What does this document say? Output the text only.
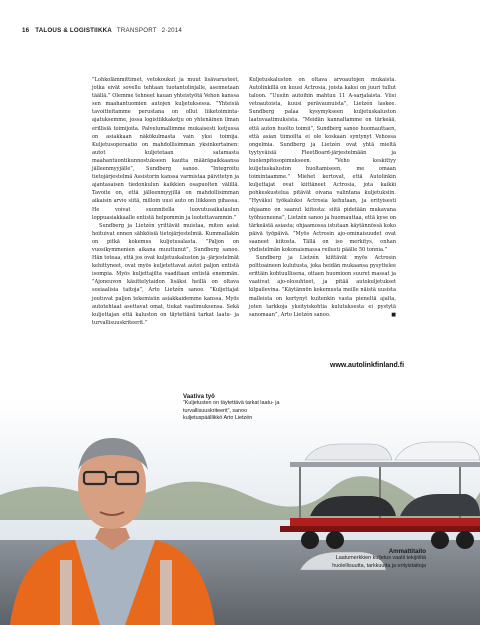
16 TALOUS & LOGISTIIKKA TRANSPORT 2·2014

”Lohkolämmittimet, vetokoukut ja muut lisävarusteet, jotka eivät sovellu tehtaan tuotantolinjalle, asennetaan täällä.” Olemme tehneet kauan yhteistyötä Vehon kanssa sen maahantuomien autojen kuljetuksessa. ”Yhteisiä tavoitteitamme perustana on ollut liiketoiminta-ajatuksemme, jossa logistiikkaketju on yhtenäinen ilman erillisiä toimijoita. Palvelumallimme mukaisesti ketjussa on asiakkaan näkökulmasta vain yksi toimija. Kuljetusoperaatio on mahdollisimman yksinkertainen: autot kuljetetaan satamasta maahantuontikunnostukseen kautta määräpaikkaansa jälleenmyyjälle”, Sundberg sanoo. ”Integroitu tietojärjestelmä Assistorin kanssa varmistaa päivitetyn ja ajantasaisen tiedonkulun kaikkien osapuolten välillä. Tavoite on, että jälleenmyyjillä on mahdollisimman aikaisin arvio siitä, milloin uusi auto on liikkeen pihassa. He voivat suunnitella luovutusaikataulun loppuasiakkaalle entistä helpommin ja luotettavammin.”

Sundberg ja Lietzén yrittävät muistaa, miten asiat hoituivat ennen sähköisiä tietojärjestelmiä. Kummallakin on pitkä kokemus kuljetusalasta. ”Paljon on vuosikymmenien aikana muuttunut”, Sundberg sanoo. Hän toteaa, että jos ovat kuljetuskaluston ja -järjestelmät kehittyneet, ovat myös kuljetettavat autot paljon entistä isompia. Myös kuljettajilta vaaditaan entistä enemmän. ”Ajoneuvon käsittelytaidon lisäksi heillä on oltava sosiaalisia taitoja”, Arto Lietzén sanoo. ”Kuljettajat joutuvat paljon tekemisiin asiakkaidemme kanssa. Myös autotehtaat asettavat omat, tiukat vaatimuksensa. Sekä kuljettajan että kaluston on täytettävä tarkat laatu- ja turvallisuuskriteerit.”

Kuljetuskaluston on oltava arvoautojen mukaista. Autolinkillä on kuusi Actrosia, joista kaksi on juuri tullut taloon. ”Uusiin autoihin mahtuu 11 A-sarjalaista. Viisi vetoautoista, kuusi perävaunuista”, Lietzén laskee. Sundberg palaa kysymykseen kuljetuskaluston laatuvaatimuksista. ”Meidän kannaltamme on tärkeää, että auton huolto toimii”, Sundberg sanoo huomauttaen, että asian tiimoilta ei ole koskaan syntynyt Vehossa ongelmia. Sundberg ja Lietzén ovat yhtä mieltä tyytyväisiä FleetBoard-järjestelmään ja huolenpitosopimukseen. ”Veho keskittyy kuljetuskaluston huoltamiseen, me omaan toimintaamme.” Miehet kertovat, että Autolinkin kuljettajat ovat kiittäneet Actrosia, jota kaikki pohkeskustelua pitävät oivana valintana kuljetuksiin. ”Hyväksi työkaluksi Actrosia kehutaan, ja erityisesti ohjaamo on saanut kiitosta: siitä pidetään mukavana työhuoneena”, Lietzén sanoo ja huomauttaa, että kyse on tärkeästä asiasta; ohjaamossa istutaan käytännössä koko päivä työpäivä. ”Myös Actrosin ajo-ominaisuudet ovat saaneet kiitosta. Tällä on iso merkitys, onhan yhdistelmän kokonaismassa reilusti päälle 50 tonnia.”

Sundberg ja Lietzén kiittävät myös Actrosin polttoaineen kulutusta, joka heidän mukaansa pysyttelee erittäin kohtuullisena, ottaen huomioon suuret massat ja vaativat ajo-olosuhteet, ja pitää autokuljetukset kilpailevina. ”Käytännön kokemusta meille näistä uusista malleista on kertynyt kuitenkin vasta pieneltä ajalta, joten tarkkoja yksityiskohtia kulutuksesta ei pystytä sanomaan”, Arto Lietzén sanoo.	■

www.autolinkfinland.fi
Vaativa työ
”Kuljetusten on täytettävä tarkat laatu- ja turvallisuuskriteerit”, sanoo kuljetuspäällikkö Arto Lietzén
Ammattitaito
Laatumerkkien kuljetus vaatii tekijöiltä huolellisuutta, tarkkuutta ja erityistaitoja
